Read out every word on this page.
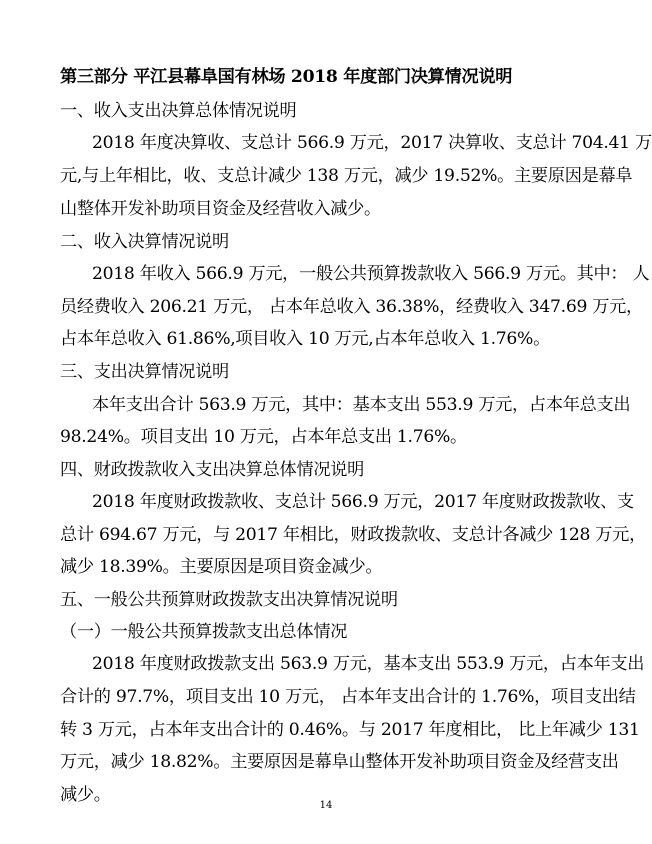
第三部分 平江县幕阜国有林场 2018 年度部门决算情况说明

一、收入支出决算总体情况说明

2018 年度决算收、支总计 566.9 万元，2017 决算收、支总计 704.41 万

元,与上年相比，收、支总计减少 138 万元，减少 19.52%。主要原因是幕阜

山整体开发补助项目资金及经营收入减少。

二、收入决算情况说明

2018 年收入 566.9 万元，一般公共预算拨款收入 566.9 万元。其中： 人

员经费收入 206.21 万元， 占本年总收入 36.38%，经费收入 347.69 万元，

占本年总收入 61.86%,项目收入 10 万元,占本年总收入 1.76%。

三、支出决算情况说明

本年支出合计 563.9 万元，其中：基本支出 553.9 万元，占本年总支出

98.24%。项目支出 10 万元，占本年总支出 1.76%。

四、财政拨款收入支出决算总体情况说明

2018 年度财政拨款收、支总计 566.9 万元，2017 年度财政拨款收、支

总计 694.67 万元，与 2017 年相比，财政拨款收、支总计各减少 128 万元，

减少 18.39%。主要原因是项目资金减少。

五、一般公共预算财政拨款支出决算情况说明

（一）一般公共预算拨款支出总体情况

2018 年度财政拨款支出 563.9 万元，基本支出 553.9 万元，占本年支出

合计的 97.7%，项目支出 10 万元， 占本年支出合计的 1.76%，项目支出结

转 3 万元，占本年支出合计的 0.46%。与 2017 年度相比， 比上年减少 131

万元，减少 18.82%。主要原因是幕阜山整体开发补助项目资金及经营支出

减少。

14
